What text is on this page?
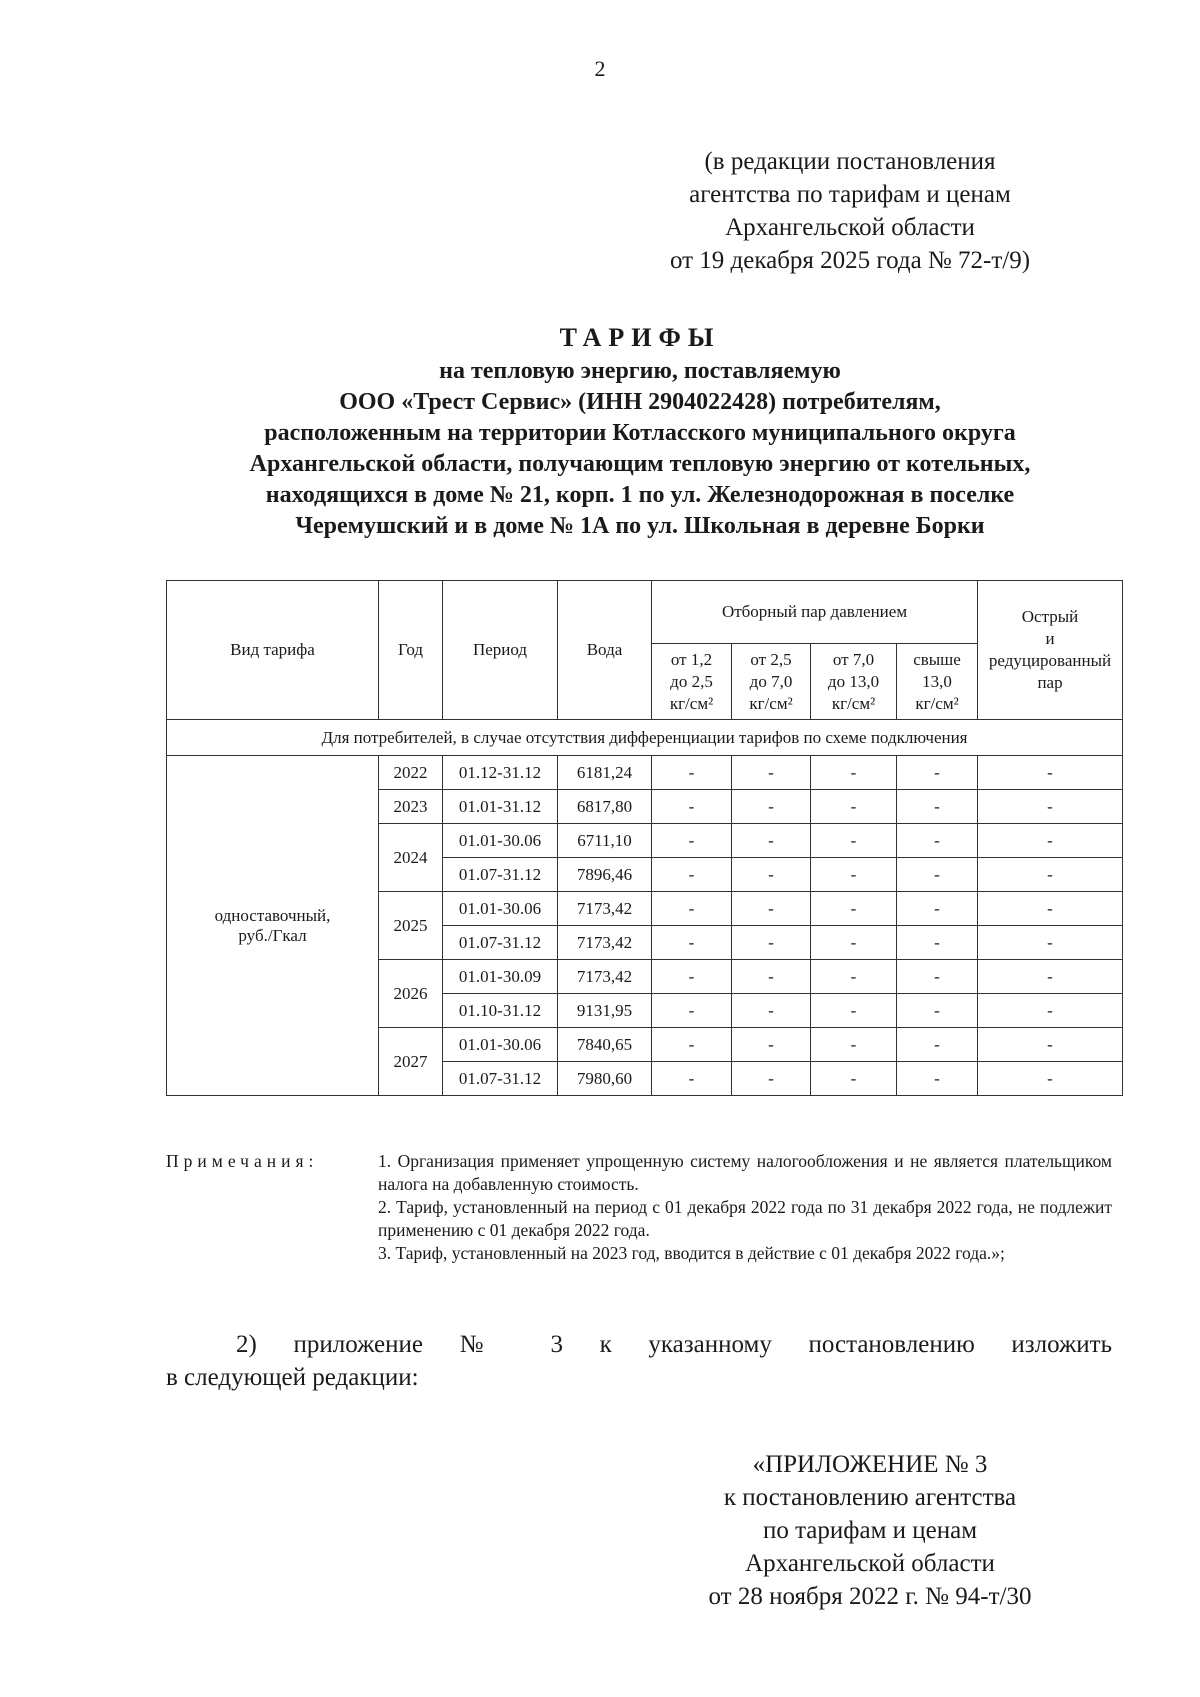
2
(в редакции постановления
агентства по тарифам и ценам
Архангельской области
от 19 декабря 2025 года № 72-т/9)
ТАРИФЫ
на тепловую энергию, поставляемую
ООО «Трест Сервис» (ИНН 2904022428) потребителям,
расположенным на территории Котласского муниципального округа
Архангельской области, получающим тепловую энергию от котельных,
находящихся в доме № 21, корп. 1 по ул. Железнодорожная в поселке
Черемушский и в доме № 1А по ул. Школьная в деревне Борки
Вид тарифа	Год	Период	Вода	Отборный пар давлением				Острый
и
редуцированный
пар

				от 1,2
до 2,5
кг/см²	от 2,5
до 7,0
кг/см²	от 7,0
до 13,0
кг/см²	свыше
13,0
кг/см²	

Для потребителей, в случае отсутствия дифференциации тарифов по схеме подключения								

одноставочный,
руб./Гкал	2022	01.12-31.12	6181,24	-	-	-	-	-
	2023	01.01-31.12	6817,80	-	-	-	-	-
	2024	01.01-30.06	6711,10	-	-	-	-	-
		01.07-31.12	7896,46	-	-	-	-	-
	2025	01.01-30.06	7173,42	-	-	-	-	-
		01.07-31.12	7173,42	-	-	-	-	-
	2026	01.01-30.09	7173,42	-	-	-	-	-
		01.10-31.12	9131,95	-	-	-	-	-
	2027	01.01-30.06	7840,65	-	-	-	-	-
		01.07-31.12	7980,60	-	-	-	-	-
Примечания:	1. Организация применяет упрощенную систему налогообложения и не является плательщиком налога на добавленную стоимость.

2. Тариф, установленный на период с 01 декабря 2022 года по 31 декабря 2022 года, не подлежит применению с 01 декабря 2022 года.

3. Тариф, установленный на 2023 год, вводится в действие с 01 декабря 2022 года.»;

2) приложение № 3 к указанному постановлению изложить
в следующей редакции:
«ПРИЛОЖЕНИЕ № 3
к постановлению агентства
по тарифам и ценам
Архангельской области
от 28 ноября 2022 г. № 94-т/30
